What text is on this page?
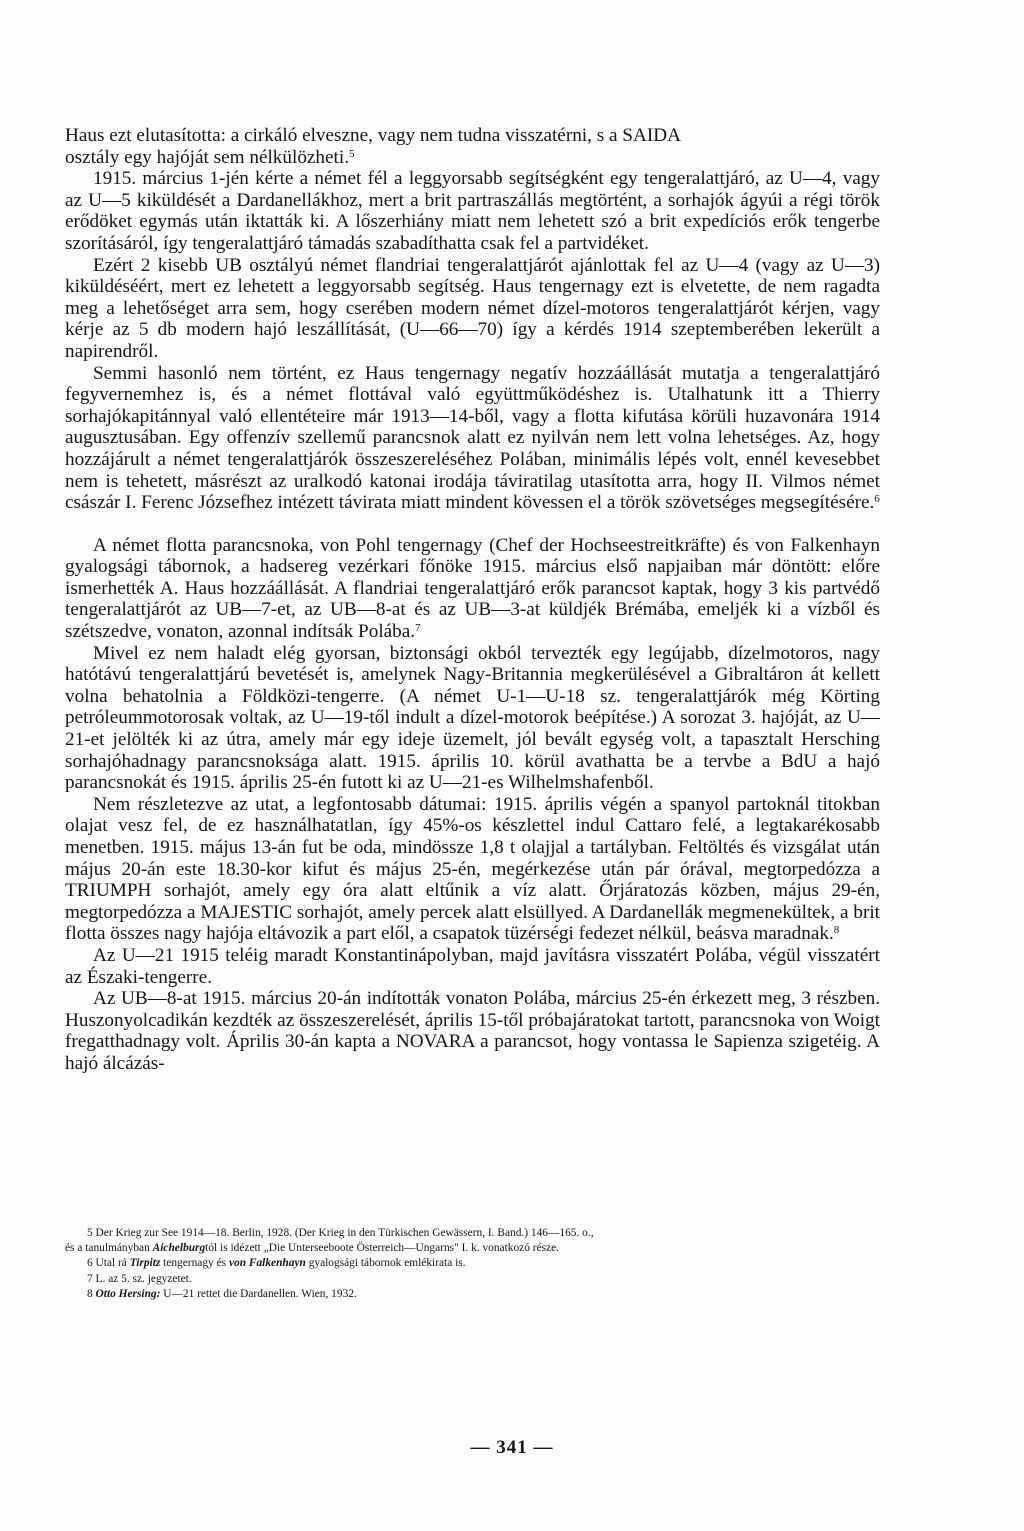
Haus ezt elutasította: a cirkáló elveszne, vagy nem tudna visszatérni, s a SAIDA
osztály egy hajóját sem nélkülözheti.$^5$

1915. március 1-jén kérte a német fél a leggyorsabb segítségként egy tengeralattjáró, az U—4, vagy az U—5 kiküldését a Dardanellákhoz, mert a brit partraszállás megtörtént, a sorhajók ágyúi a régi török erődöket egymás után iktatták ki. A lőszerhiány miatt nem lehetett szó a brit expedíciós erők tengerbe szorításáról, így tengeralattjáró támadás szabadíthatta csak fel a partvidéket.

Ezért 2 kisebb UB osztályú német flandriai tengeralattjárót ajánlottak fel az U—4 (vagy az U—3) kiküldéséért, mert ez lehetett a leggyorsabb segítség. Haus tengernagy ezt is elvetette, de nem ragadta meg a lehetőséget arra sem, hogy cserében modern német dízel-motoros tengeralattjárót kérjen, vagy kérje az 5 db modern hajó leszállítását, (U—66—70) így a kérdés 1914 szeptemberében lekerült a napirendről.

Semmi hasonló nem történt, ez Haus tengernagy negatív hozzáállását mutatja a tengeralattjáró fegyvernemhez is, és a német flottával való együttműködéshez is. Utalhatunk itt a Thierry sorhajókapitánnyal való ellentéteire már 1913—14-ből, vagy a flotta kifutása körüli huzavonára 1914 augusztusában. Egy offenzív szellemű parancsnok alatt ez nyilván nem lett volna lehetséges. Az, hogy hozzájárult a német tengeralattjárók összeszereléséhez Polában, minimális lépés volt, ennél kevesebbet nem is tehetett, másrészt az uralkodó katonai irodája táviratilag utasította arra, hogy II. Vilmos német császár I. Ferenc Józsefhez intézett távirata miatt mindent kövessen el a török szövetséges megsegítésére.$^6$

A német flotta parancsnoka, von Pohl tengernagy (Chef der Hochseestreitkräfte) és von Falkenhayn gyalogsági tábornok, a hadsereg vezérkari főnöke 1915. március első napjaiban már döntött: előre ismerhették A. Haus hozzáállását. A flandriai tengeralattjáró erők parancsot kaptak, hogy 3 kis partvédő tengeralattjárót az UB—7-et, az UB—8-at és az UB—3-at küldjék Brémába, emeljék ki a vízből és szétszedve, vonaton, azonnal indítsák Polába.$^7$

Mivel ez nem haladt elég gyorsan, biztonsági okból tervezték egy legújabb, dízelmotoros, nagy hatótávú tengeralattjárú bevetését is, amelynek Nagy-Britannia megkerülésével a Gibraltáron át kellett volna behatolnia a Földközi-tengerre. (A német U-1—U-18 sz. tengeralattjárók még Körting petróleummotorosak voltak, az U—19-től indult a dízel-motorok beépítése.) A sorozat 3. hajóját, az U—21-et jelölték ki az útra, amely már egy ideje üzemelt, jól bevált egység volt, a tapasztalt Hersching sorhajóhadnagy parancsnoksága alatt. 1915. április 10. körül avathatta be a tervbe a BdU a hajó parancsnokát és 1915. április 25-én futott ki az U—21-es Wilhelmshafenből.

Nem részletezve az utat, a legfontosabb dátumai: 1915. április végén a spanyol partoknál titokban olajat vesz fel, de ez használhatatlan, így 45%-os készlettel indul Cattaro felé, a legtakarékosabb menetben. 1915. május 13-án fut be oda, mindössze 1,8 t olajjal a tartályban. Feltöltés és vizsgálat után május 20-án este 18.30-kor kifut és május 25-én, megérkezése után pár órával, megtorpedózza a TRIUMPH sorhajót, amely egy óra alatt eltűnik a víz alatt. Őrjáratozás közben, május 29-én, megtorpedózza a MAJESTIC sorhajót, amely percek alatt elsüllyed. A Dardanellák megmenekültek, a brit flotta összes nagy hajója eltávozik a part elől, a csapatok tüzérségi fedezet nélkül, beásva maradnak.$^8$

Az U—21 1915 teléig maradt Konstantinápolyban, majd javításra visszatért Polába, végül visszatért az Északi-tengerre.

Az UB—8-at 1915. március 20-án indították vonaton Polába, március 25-én érkezett meg, 3 részben. Huszonyolcadikán kezdték az összeszerelését, április 15-től próbajáratokat tartott, parancsnoka von Woigt fregatthadnagy volt. Április 30-án kapta a NOVARA a parancsot, hogy vontassa le Sapienza szigetéig. A hajó álcázás-

5 Der Krieg zur See 1914—18. Berlin, 1928. (Der Krieg in den Türkischen Gewässern, I. Band.) 146—165. o.,

és a tanulmányban Aichelburgtól is idézett „Die Unterseeboote Österreich—Ungarns" I. k. vonatkozó része.

6 Utal rá Tirpitz tengernagy és von Falkenhayn gyalogsági tábornok emlékirata is.

7 L. az 5. sz. jegyzetet.

8 Otto Hersing: U—21 rettet die Dardanellen. Wien, 1932.

— 341 —
